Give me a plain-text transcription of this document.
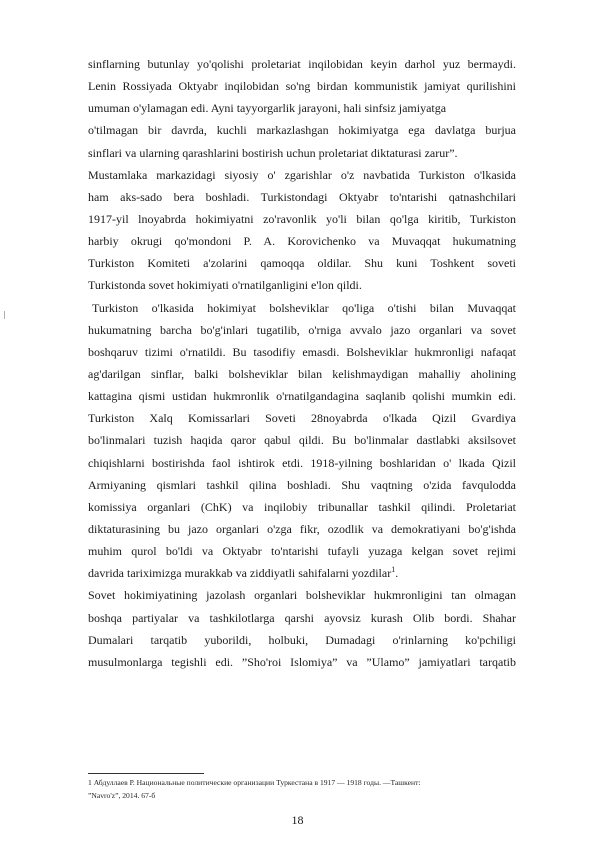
sinflarning butunlay yo'qolishi proletariat inqilobidan keyin darhol yuz bermaydi.
Lenin Rossiyada Oktyabr inqilobidan so'ng birdan kommunistik jamiyat qurilishini
umuman o'ylamagan edi. Ayni tayyorgarlik jarayoni, hali sinfsiz jamiyatga
o'tilmagan bir davrda, kuchli markazlashgan hokimiyatga ega davlatga burjua
sinflari va ularning qarashlarini bostirish uchun proletariat diktaturasi zarur”.
Mustamlaka markazidagi siyosiy o' zgarishlar o'z navbatida Turkiston o'lkasida
ham aks-sado bera boshladi. Turkistondagi Oktyabr to'ntarishi qatnashchilari
1917-yil lnoyabrda hokimiyatni zo'ravonlik yo'li bilan qo'lga kiritib, Turkiston
harbiy okrugi qo'mondoni P. A. Korovichenko va Muvaqqat hukumatning
Turkiston Komiteti a'zolarini qamoqqa oldilar. Shu kuni Toshkent soveti
Turkistonda sovet hokimiyati o'rnatilganligini e'lon qildi.
Turkiston o'lkasida hokimiyat bolsheviklar qo'liga o'tishi bilan Muvaqqat
hukumatning barcha bo'g'inlari tugatilib, o'rniga avvalo jazo organlari va sovet
boshqaruv tizimi o'rnatildi. Bu tasodifiy emasdi. Bolsheviklar hukmronligi nafaqat
ag'darilgan sinflar, balki bolsheviklar bilan kelishmaydigan mahalliy aholining
kattagina qismi ustidan hukmronlik o'rnatilgandagina saqlanib qolishi mumkin edi.
Turkiston Xalq Komissarlari Soveti 28noyabrda o'lkada Qizil Gvardiya
bo'linmalari tuzish haqida qaror qabul qildi. Bu bo'linmalar dastlabki aksilsovet
chiqishlarni bostirishda faol ishtirok etdi. 1918-yilning boshlaridan o' lkada Qizil
Armiyaning qismlari tashkil qilina boshladi. Shu vaqtning o'zida favqulodda
komissiya organlari (ChK) va inqilobiy tribunallar tashkil qilindi. Proletariat
diktaturasining bu jazo organlari o'zga fikr, ozodlik va demokratiyani bo'g'ishda
muhim qurol bo'ldi va Oktyabr to'ntarishi tufayli yuzaga kelgan sovet rejimi
davrida tariximizga murakkab va ziddiyatli sahifalarni yozdilar$^1$.
Sovet hokimiyatining jazolash organlari bolsheviklar hukmronligini tan olmagan
boshqa partiyalar va tashkilotlarga qarshi ayovsiz kurash Olib bordi. Shahar
Dumalari tarqatib yuborildi, holbuki, Dumadagi o'rinlarning ko'pchiligi
musulmonlarga tegishli edi. ”Sho'roi Islomiya” va ”Ulamo” jamiyatlari tarqatib
1 Абдуллаев Р. Национальные политические организации Туркестана в 1917 — 1918 годы. —Ташкент:
”Navro'z”, 2014. 67-б
18
